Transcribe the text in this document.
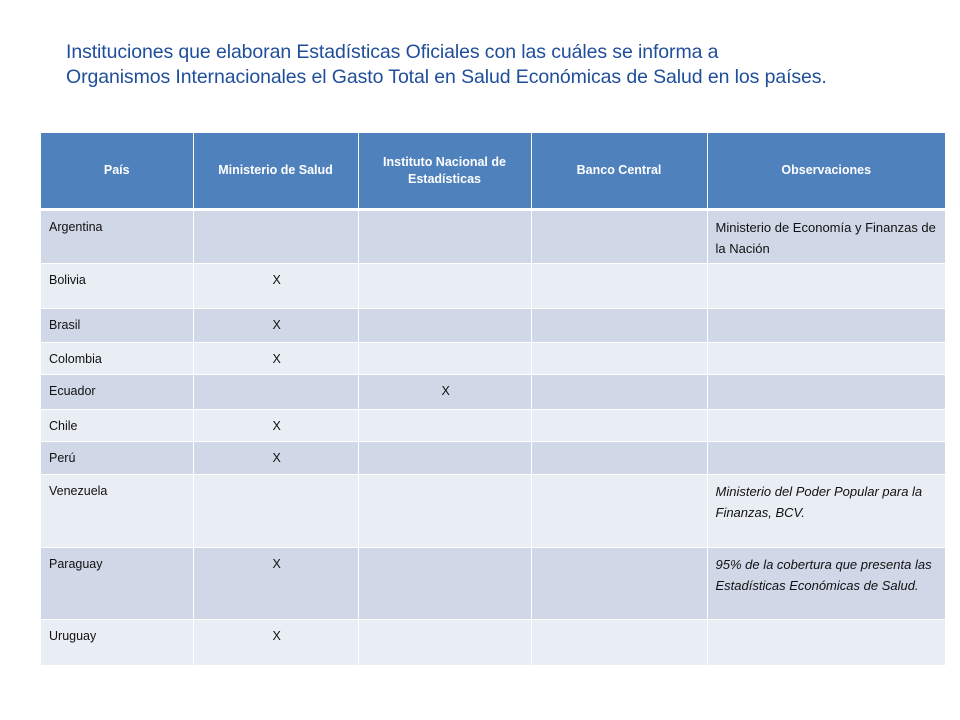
Instituciones que elaboran Estadísticas Oficiales con las cuáles se informa a
Organismos Internacionales el Gasto Total en Salud Económicas de Salud en los países.
País	Ministerio de Salud	Instituto Nacional de Estadísticas	Banco Central	Observaciones
Argentina				Ministerio de Economía y Finanzas de la Nación
Bolivia	X			
Brasil	X			
Colombia	X			
Ecuador		X		
Chile	X			
Perú	X			
Venezuela				Ministerio del Poder Popular para la Finanzas, BCV.
Paraguay	X			95% de la cobertura que presenta las Estadísticas Económicas de Salud.
Uruguay	X			
